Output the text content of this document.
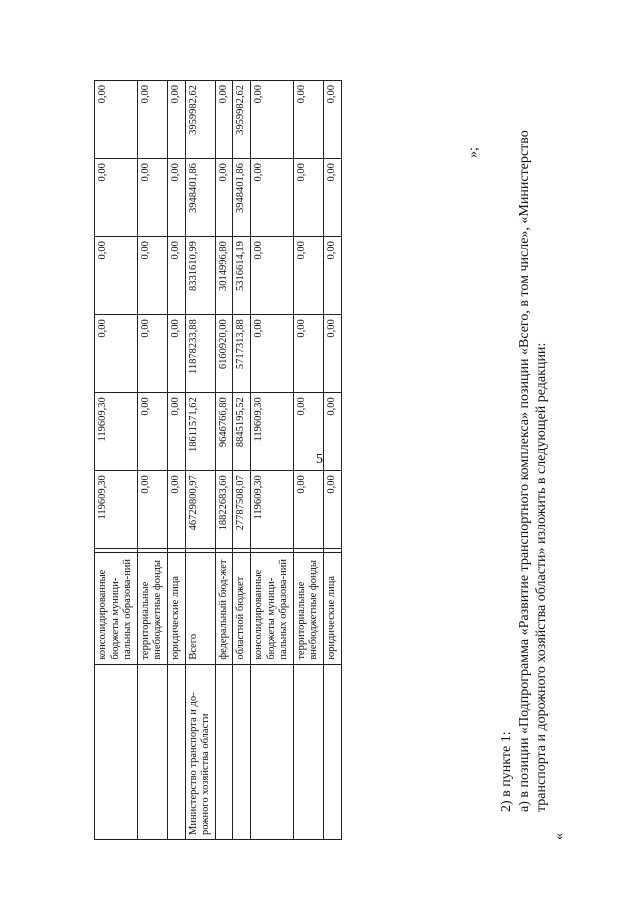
5
	консолидированные бюджеты муници-пальных образова-ний		119609,30	119609,30	0,00	0,00	0,00	0,00
	территориальные внебюджетные фонды		0,00	0,00	0,00	0,00	0,00	0,00
	юридические лица		0,00	0,00	0,00	0,00	0,00	0,00
Министерство транспорта и до-рожного хозяйства области	Всего		46729800,97	18611571,62	11878233,88	8331610,99	3948401,86	3959982,62
	федеральный бюд-жет		18822683,60	9646766,80	6160920,00	3014996,80	0,00	0,00
	областной бюджет		27787508,07	8845195,52	5717313,88	5316614,19	3948401,86	3959982,62
	консолидированные бюджеты муници-пальных образова-ний		119609,30	119609,30	0,00	0,00	0,00	0,00
	территориальные внебюджетные фонды		0,00	0,00	0,00	0,00	0,00	0,00
	юридические лица		0,00	0,00	0,00	0,00	0,00	0,00
»;

2) в пункте 1: а) в позиции «Подпрограмма «Развитие транспортного комплекса» позиции «Всего, в том числе», «Министерство транспорта и дорожного хозяйства области» изложить в следующей редакции:

«
